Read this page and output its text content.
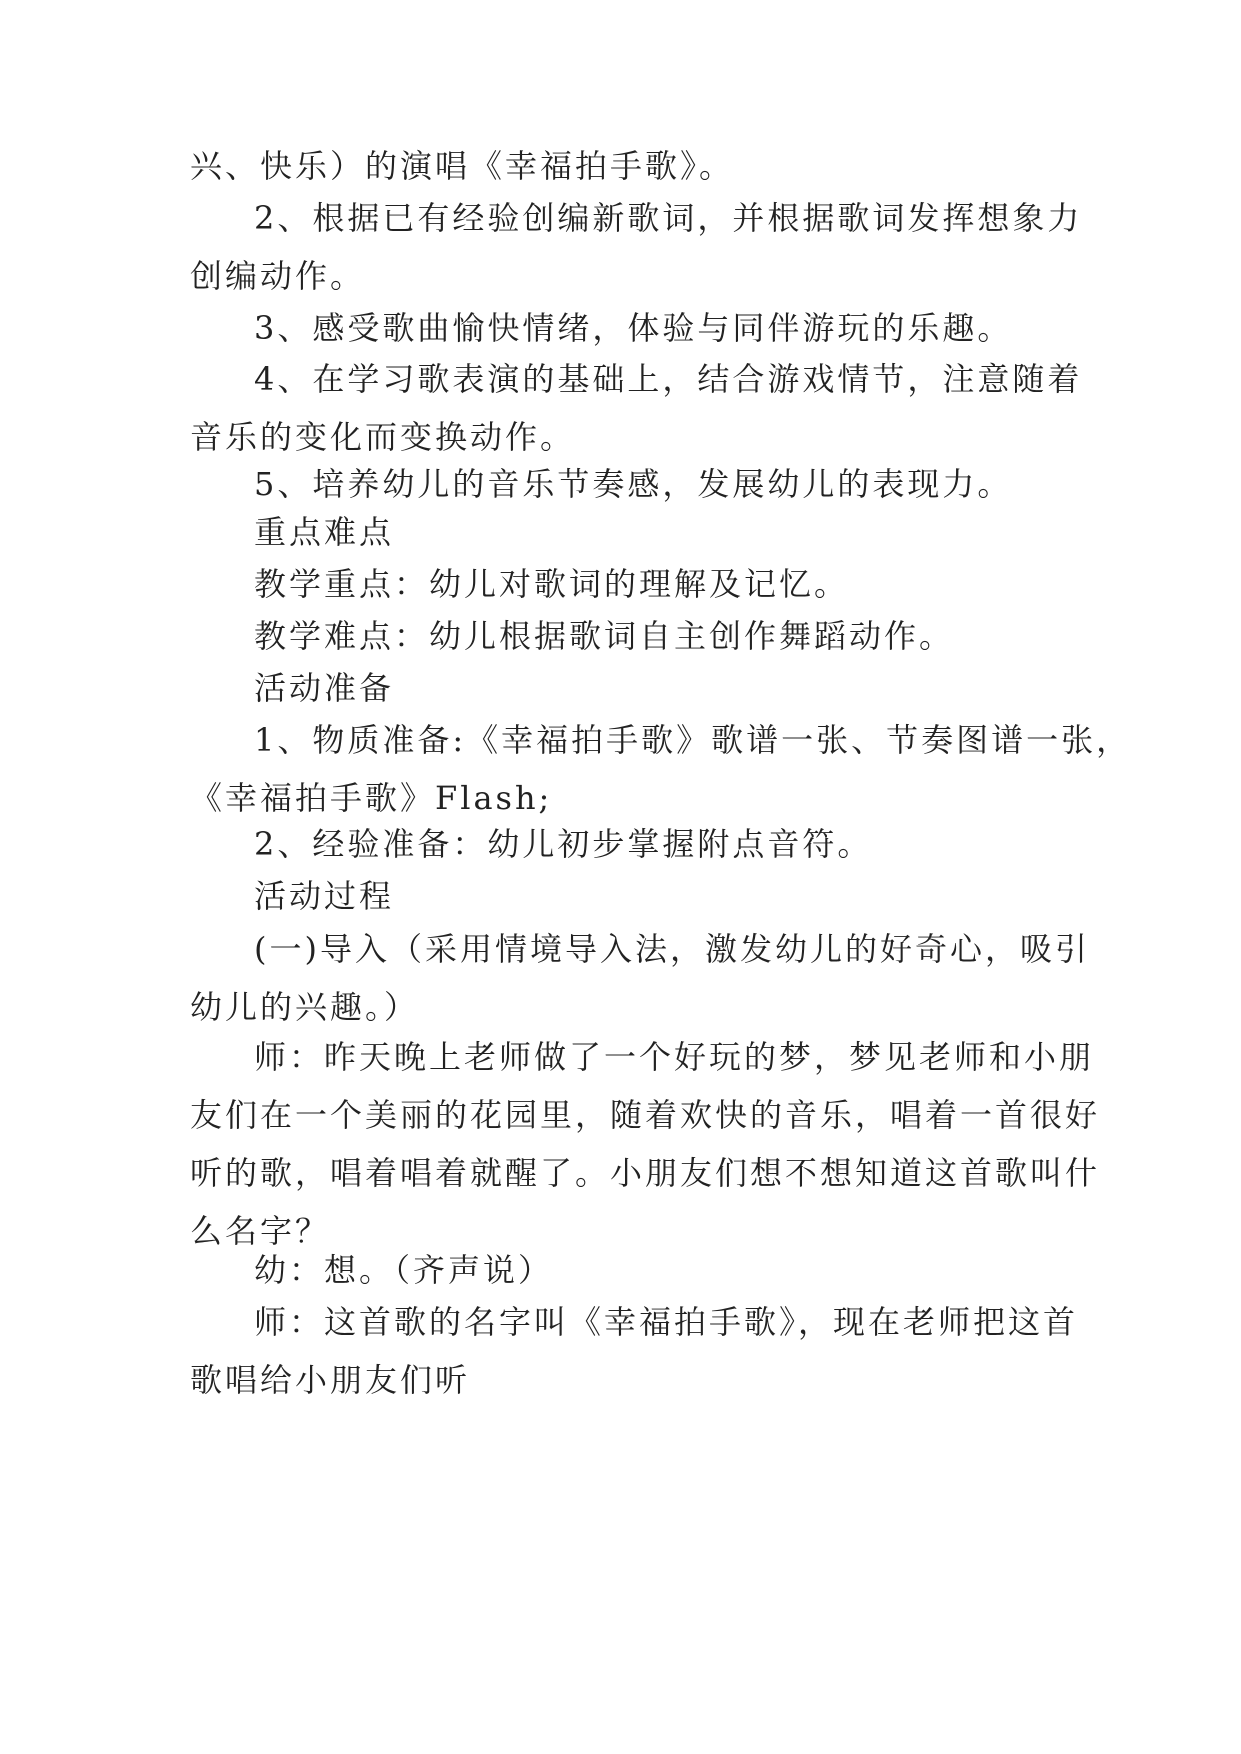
兴、快乐）的演唱《幸福拍手歌》。

2、根据已有经验创编新歌词，并根据歌词发挥想象力
创编动作。

3、感受歌曲愉快情绪，体验与同伴游玩的乐趣。

4、在学习歌表演的基础上，结合游戏情节，注意随着
音乐的变化而变换动作。

5、培养幼儿的音乐节奏感，发展幼儿的表现力。

重点难点

教学重点：幼儿对歌词的理解及记忆。

教学难点：幼儿根据歌词自主创作舞蹈动作。

活动准备

1、物质准备:《幸福拍手歌》歌谱一张、节奏图谱一张，
《幸福拍手歌》Flash;

2、经验准备：幼儿初步掌握附点音符。

活动过程

(一)导入（采用情境导入法，激发幼儿的好奇心，吸引
幼儿的兴趣。）

师：昨天晚上老师做了一个好玩的梦，梦见老师和小朋
友们在一个美丽的花园里，随着欢快的音乐，唱着一首很好
听的歌，唱着唱着就醒了。小朋友们想不想知道这首歌叫什
么名字？

幼：想。（齐声说）

师：这首歌的名字叫《幸福拍手歌》，现在老师把这首
歌唱给小朋友们听
